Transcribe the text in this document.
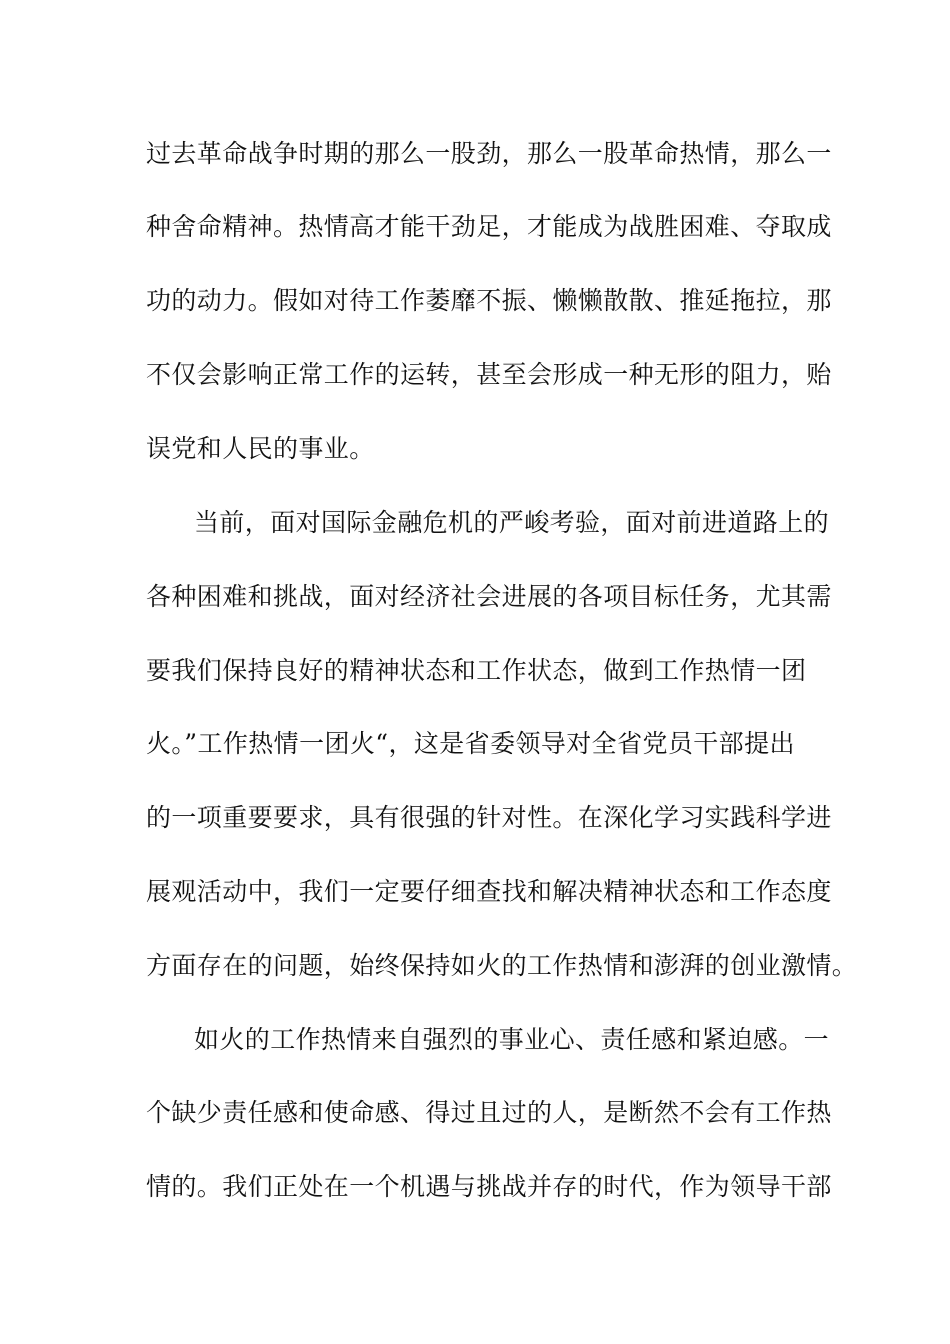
过去革命战争时期的那么一股劲，那么一股革命热情，那么一
种舍命精神。热情高才能干劲足，才能成为战胜困难、夺取成
功的动力。假如对待工作萎靡不振、懒懒散散、推延拖拉，那
不仅会影响正常工作的运转，甚至会形成一种无形的阻力，贻
误党和人民的事业。
当前，面对国际金融危机的严峻考验，面对前进道路上的
各种困难和挑战，面对经济社会进展的各项目标任务，尤其需
要我们保持良好的精神状态和工作状态，做到工作热情一团
火。”工作热情一团火“，这是省委领导对全省党员干部提出
的一项重要要求，具有很强的针对性。在深化学习实践科学进
展观活动中，我们一定要仔细查找和解决精神状态和工作态度
方面存在的问题，始终保持如火的工作热情和澎湃的创业激情。
如火的工作热情来自强烈的事业心、责任感和紧迫感。一
个缺少责任感和使命感、得过且过的人，是断然不会有工作热
情的。我们正处在一个机遇与挑战并存的时代，作为领导干部
